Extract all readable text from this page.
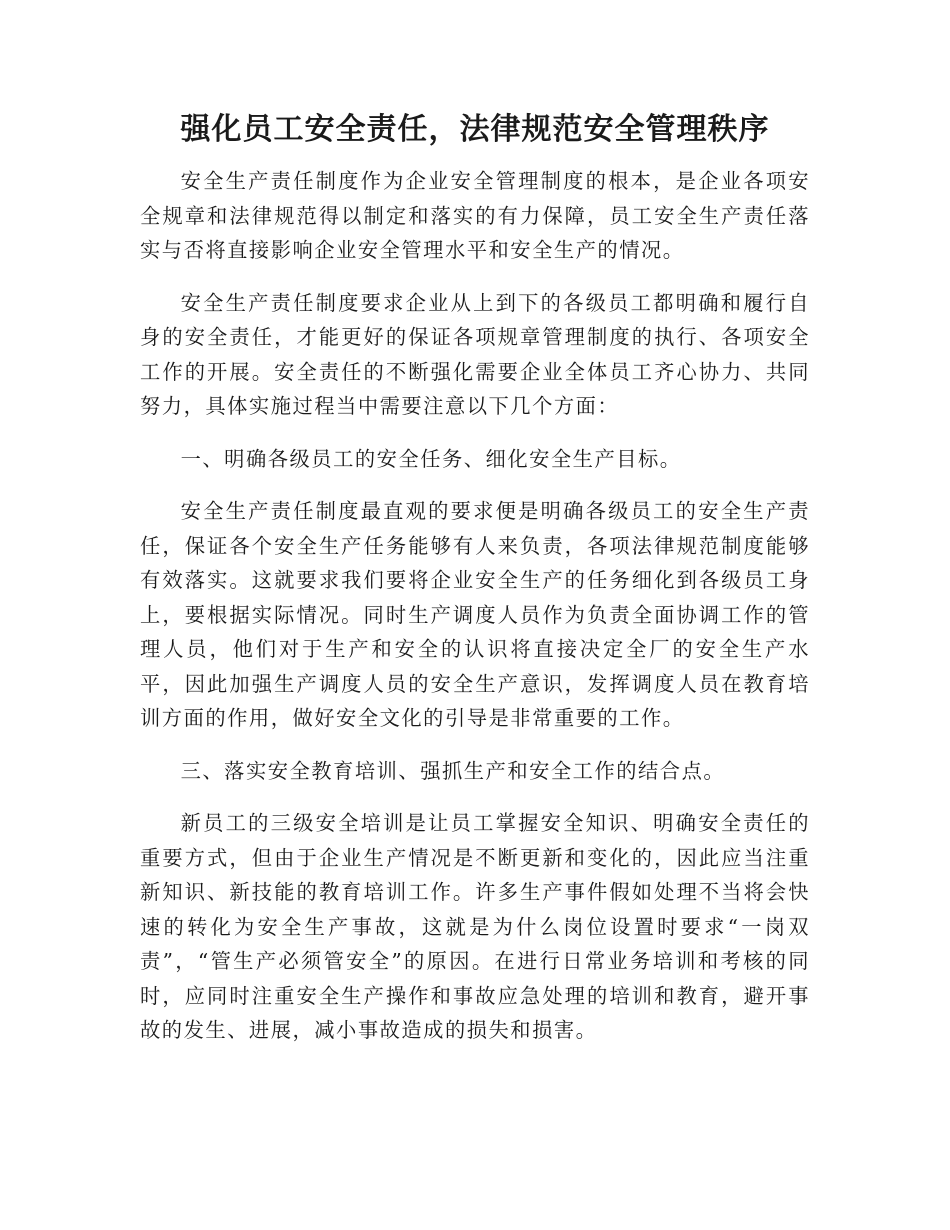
强化员工安全责任，法律规范安全管理秩序

安全生产责任制度作为企业安全管理制度的根本，是企业各项安全规章和法律规范得以制定和落实的有力保障，员工安全生产责任落实与否将直接影响企业安全管理水平和安全生产的情况。

安全生产责任制度要求企业从上到下的各级员工都明确和履行自身的安全责任，才能更好的保证各项规章管理制度的执行、各项安全工作的开展。安全责任的不断强化需要企业全体员工齐心协力、共同努力，具体实施过程当中需要注意以下几个方面：

一、明确各级员工的安全任务、细化安全生产目标。

安全生产责任制度最直观的要求便是明确各级员工的安全生产责任，保证各个安全生产任务能够有人来负责，各项法律规范制度能够有效落实。这就要求我们要将企业安全生产的任务细化到各级员工身上，要根据实际情况。同时生产调度人员作为负责全面协调工作的管理人员，他们对于生产和安全的认识将直接决定全厂的安全生产水平，因此加强生产调度人员的安全生产意识，发挥调度人员在教育培训方面的作用，做好安全文化的引导是非常重要的工作。

三、落实安全教育培训、强抓生产和安全工作的结合点。

新员工的三级安全培训是让员工掌握安全知识、明确安全责任的重要方式，但由于企业生产情况是不断更新和变化的，因此应当注重新知识、新技能的教育培训工作。许多生产事件假如处理不当将会快速的转化为安全生产事故，这就是为什么岗位设置时要求“一岗双责”，“管生产必须管安全”的原因。在进行日常业务培训和考核的同时，应同时注重安全生产操作和事故应急处理的培训和教育，避开事故的发生、进展，减小事故造成的损失和损害。
